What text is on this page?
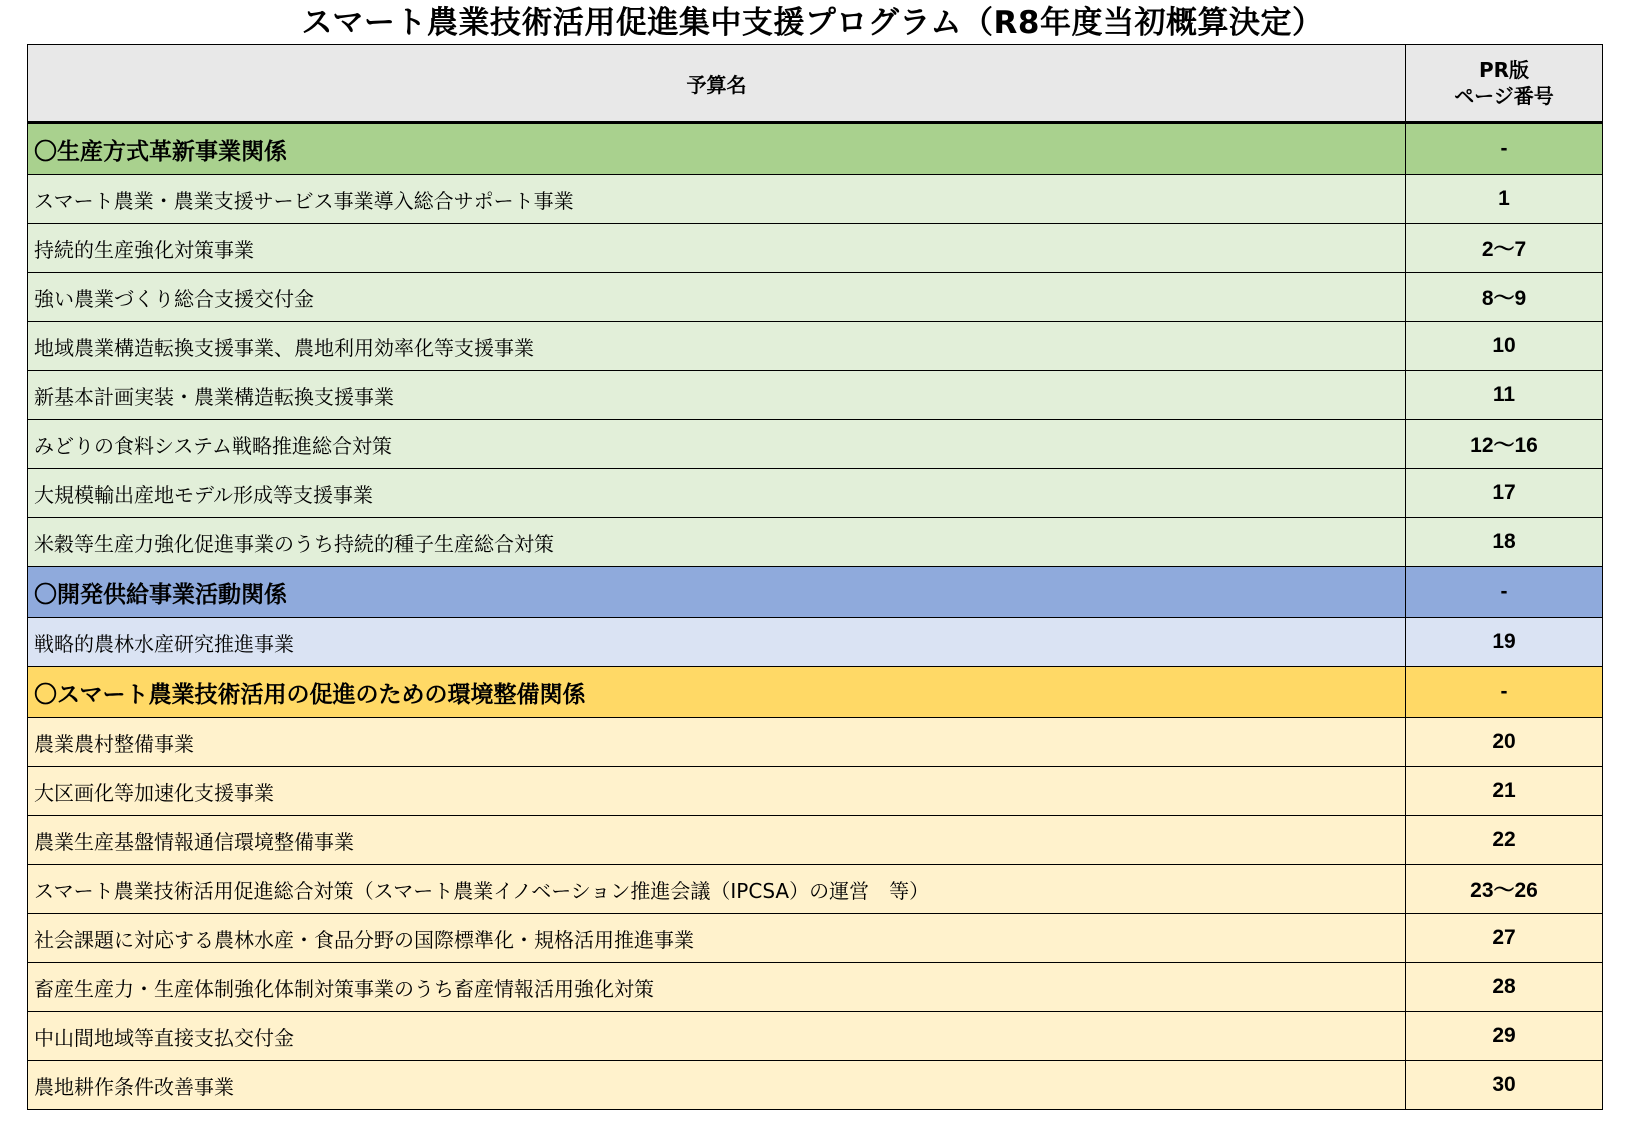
スマート農業技術活用促進集中支援プログラム（R8年度当初概算決定）
予算名	PR版
ページ番号
〇生産方式革新事業関係	-
スマート農業・農業支援サービス事業導入総合サポート事業	1
持続的生産強化対策事業	2～7
強い農業づくり総合支援交付金	8～9
地域農業構造転換支援事業、農地利用効率化等支援事業	10
新基本計画実装・農業構造転換支援事業	11
みどりの食料システム戦略推進総合対策	12～16
大規模輸出産地モデル形成等支援事業	17
米穀等生産力強化促進事業のうち持続的種子生産総合対策	18
〇開発供給事業活動関係	-
戦略的農林水産研究推進事業	19
〇スマート農業技術活用の促進のための環境整備関係	-
農業農村整備事業	20
大区画化等加速化支援事業	21
農業生産基盤情報通信環境整備事業	22
スマート農業技術活用促進総合対策（スマート農業イノベーション推進会議（IPCSA）の運営　等）	23～26
社会課題に対応する農林水産・食品分野の国際標準化・規格活用推進事業	27
畜産生産力・生産体制強化体制対策事業のうち畜産情報活用強化対策	28
中山間地域等直接支払交付金	29
農地耕作条件改善事業	30
